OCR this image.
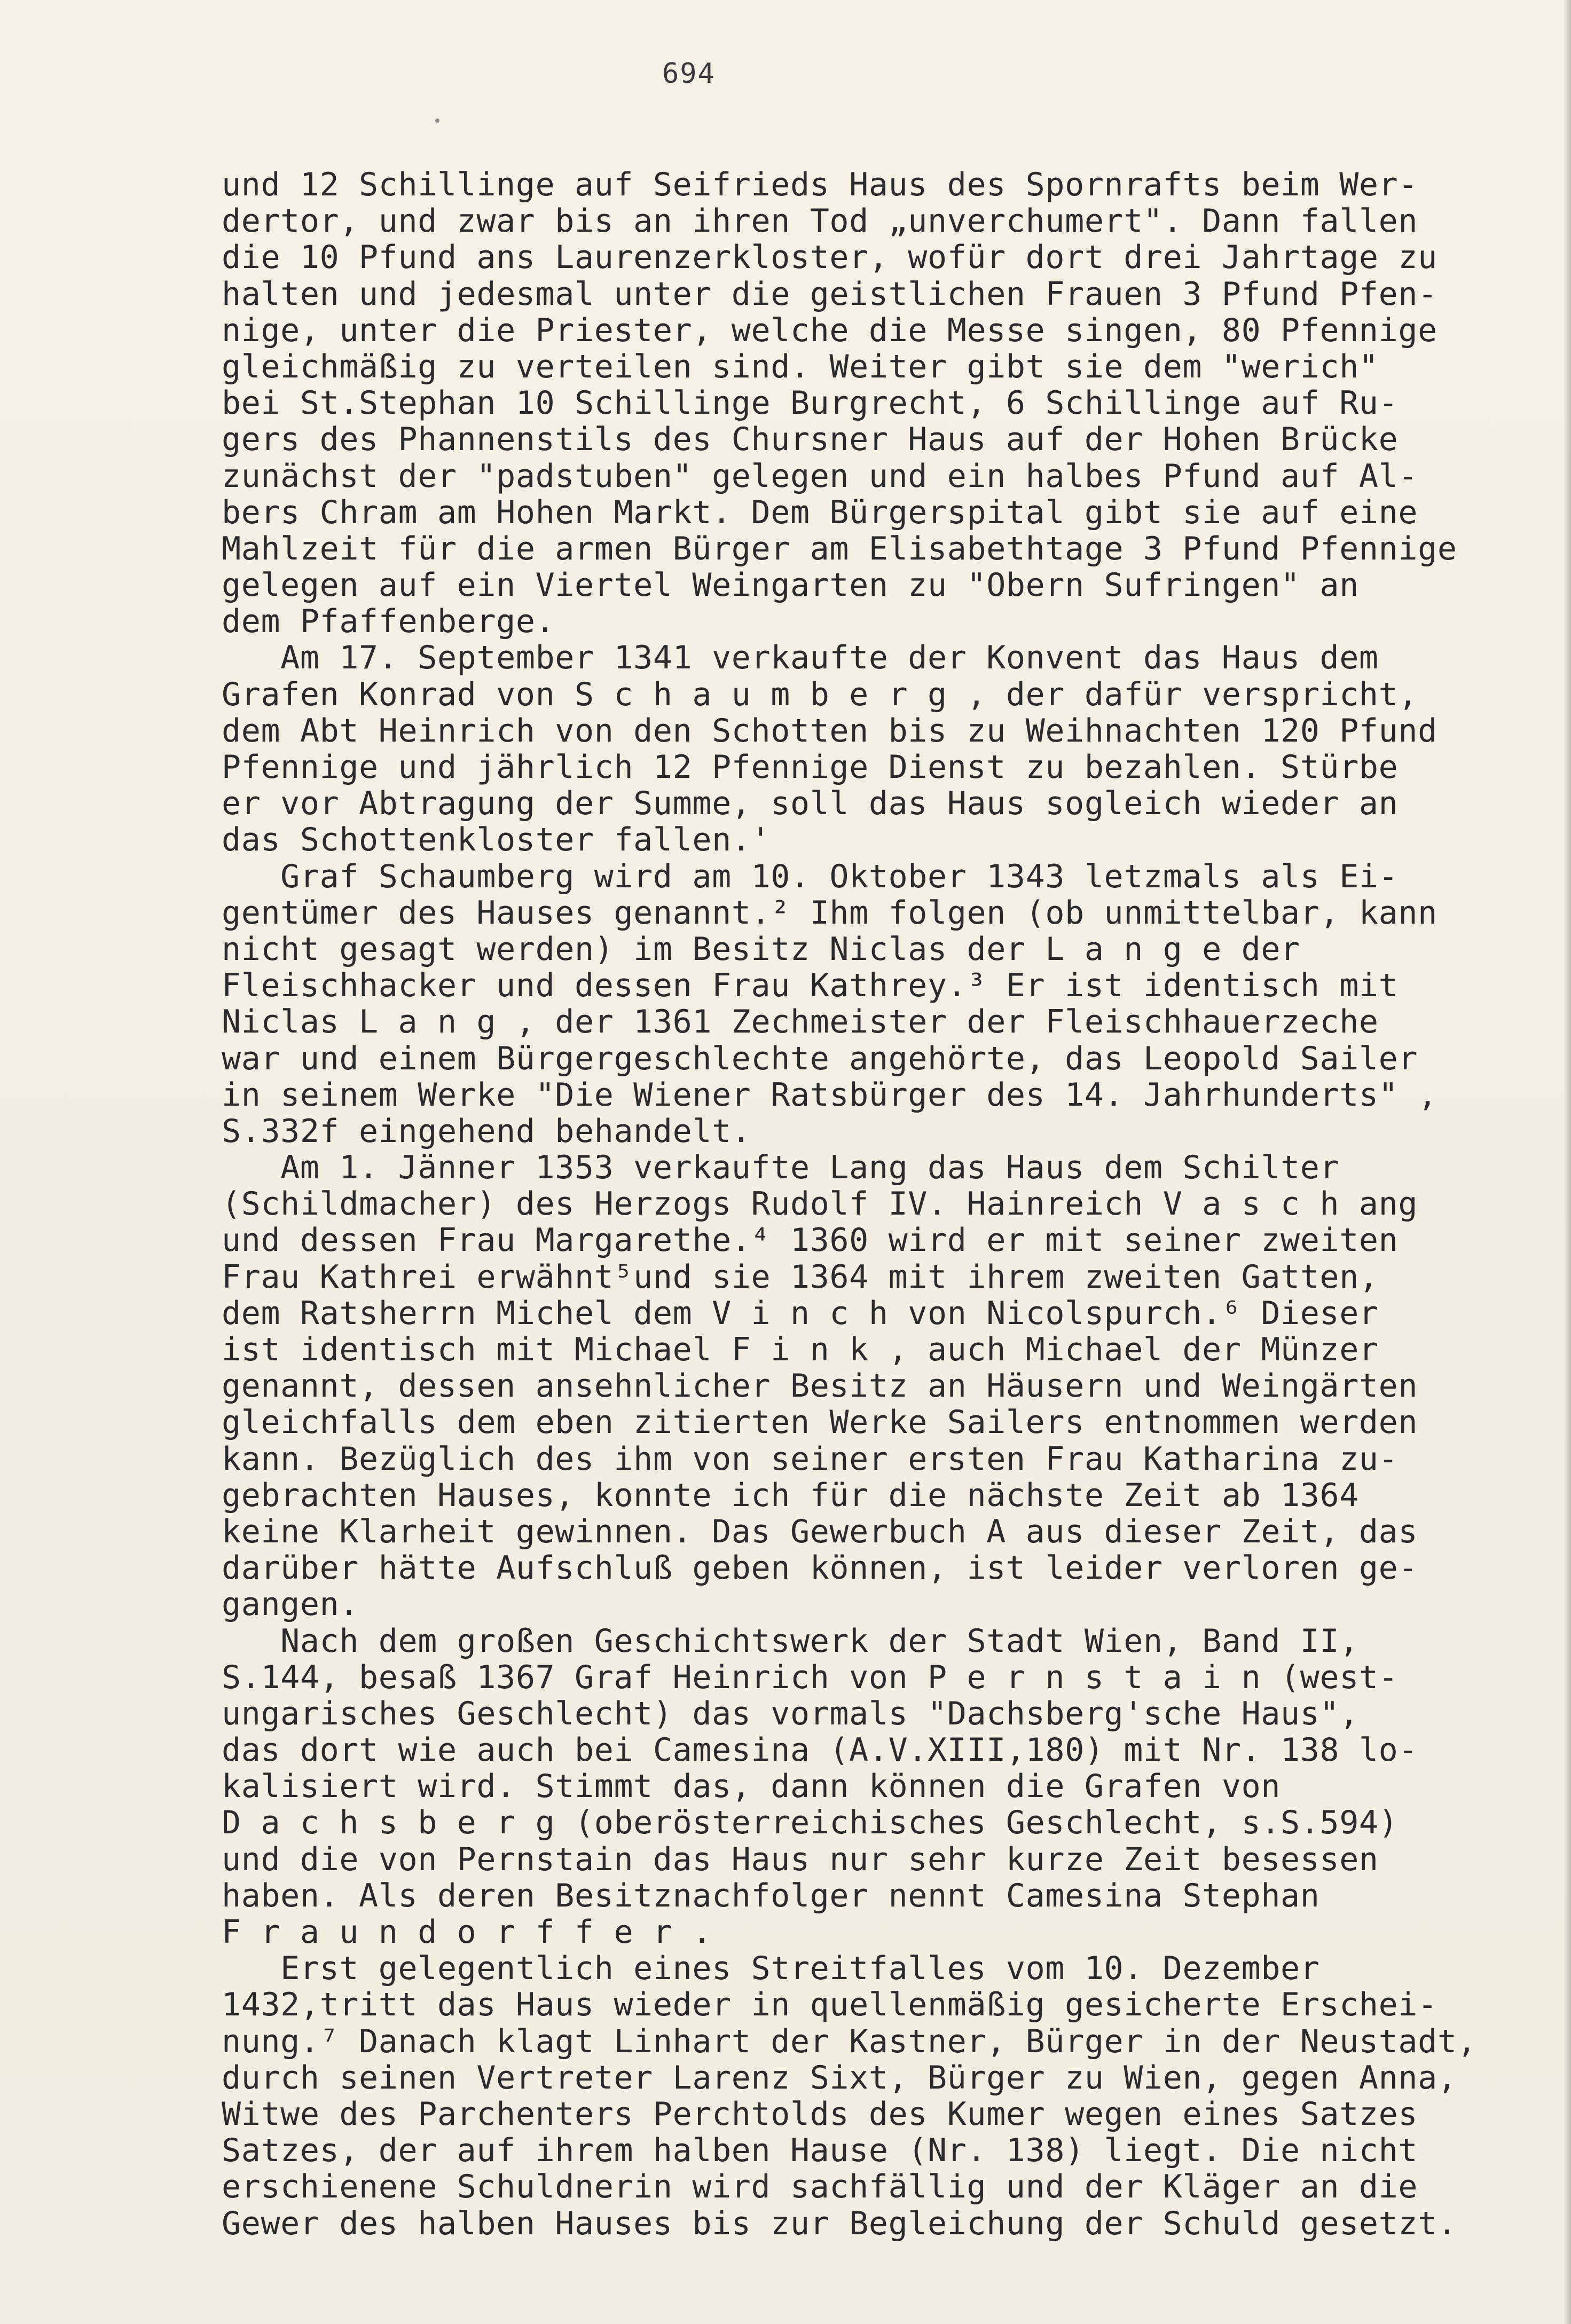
694
und 12 Schillinge auf Seifrieds Haus des Spornrafts beim Wer-
dertor, und zwar bis an ihren Tod „unverchumert". Dann fallen
die 10 Pfund ans Laurenzerkloster, wofür dort drei Jahrtage zu
halten und jedesmal unter die geistlichen Frauen 3 Pfund Pfen-
nige, unter die Priester, welche die Messe singen, 80 Pfennige
gleichmäßig zu verteilen sind. Weiter gibt sie dem "werich"
bei St.Stephan 10 Schillinge Burgrecht, 6 Schillinge auf Ru-
gers des Phannenstils des Chursner Haus auf der Hohen Brücke
zunächst der "padstuben" gelegen und ein halbes Pfund auf Al-
bers Chram am Hohen Markt. Dem Bürgerspital gibt sie auf eine
Mahlzeit für die armen Bürger am Elisabethtage 3 Pfund Pfennige
gelegen auf ein Viertel Weingarten zu "Obern Sufringen" an
dem Pfaffenberge.
Am 17. September 1341 verkaufte der Konvent das Haus dem
Grafen Konrad von S c h a u m b e r g , der dafür verspricht,
dem Abt Heinrich von den Schotten bis zu Weihnachten 120 Pfund
Pfennige und jährlich 12 Pfennige Dienst zu bezahlen. Stürbe
er vor Abtragung der Summe, soll das Haus sogleich wieder an
das Schottenkloster fallen.'
Graf Schaumberg wird am 10. Oktober 1343 letzmals als Ei-
gentümer des Hauses genannt.² Ihm folgen (ob unmittelbar, kann
nicht gesagt werden) im Besitz Niclas der L a n g e der
Fleischhacker und dessen Frau Kathrey.³ Er ist identisch mit
Niclas L a n g , der 1361 Zechmeister der Fleischhauerzeche
war und einem Bürgergeschlechte angehörte, das Leopold Sailer
in seinem Werke "Die Wiener Ratsbürger des 14. Jahrhunderts" ,
S.332f eingehend behandelt.
Am 1. Jänner 1353 verkaufte Lang das Haus dem Schilter
(Schildmacher) des Herzogs Rudolf IV. Hainreich V a s c h ang
und dessen Frau Margarethe.⁴ 1360 wird er mit seiner zweiten
Frau Kathrei erwähnt⁵und sie 1364 mit ihrem zweiten Gatten,
dem Ratsherrn Michel dem V i n c h von Nicolspurch.⁶ Dieser
ist identisch mit Michael F i n k , auch Michael der Münzer
genannt, dessen ansehnlicher Besitz an Häusern und Weingärten
gleichfalls dem eben zitierten Werke Sailers entnommen werden
kann. Bezüglich des ihm von seiner ersten Frau Katharina zu-
gebrachten Hauses, konnte ich für die nächste Zeit ab 1364
keine Klarheit gewinnen. Das Gewerbuch A aus dieser Zeit, das
darüber hätte Aufschluß geben können, ist leider verloren ge-
gangen.
Nach dem großen Geschichtswerk der Stadt Wien, Band II,
S.144, besaß 1367 Graf Heinrich von P e r n s t a i n (west-
ungarisches Geschlecht) das vormals "Dachsberg'sche Haus",
das dort wie auch bei Camesina (A.V.XIII,180) mit Nr. 138 lo-
kalisiert wird. Stimmt das, dann können die Grafen von
D a c h s b e r g (oberösterreichisches Geschlecht, s.S.594)
und die von Pernstain das Haus nur sehr kurze Zeit besessen
haben. Als deren Besitznachfolger nennt Camesina Stephan
F r a u n d o r f f e r .
Erst gelegentlich eines Streitfalles vom 10. Dezember
1432,tritt das Haus wieder in quellenmäßig gesicherte Erschei-
nung.⁷ Danach klagt Linhart der Kastner, Bürger in der Neustadt,
durch seinen Vertreter Larenz Sixt, Bürger zu Wien, gegen Anna,
Witwe des Parchenters Perchtolds des Kumer wegen eines Satzes
Satzes, der auf ihrem halben Hause (Nr. 138) liegt. Die nicht
erschienene Schuldnerin wird sachfällig und der Kläger an die
Gewer des halben Hauses bis zur Begleichung der Schuld gesetzt.
